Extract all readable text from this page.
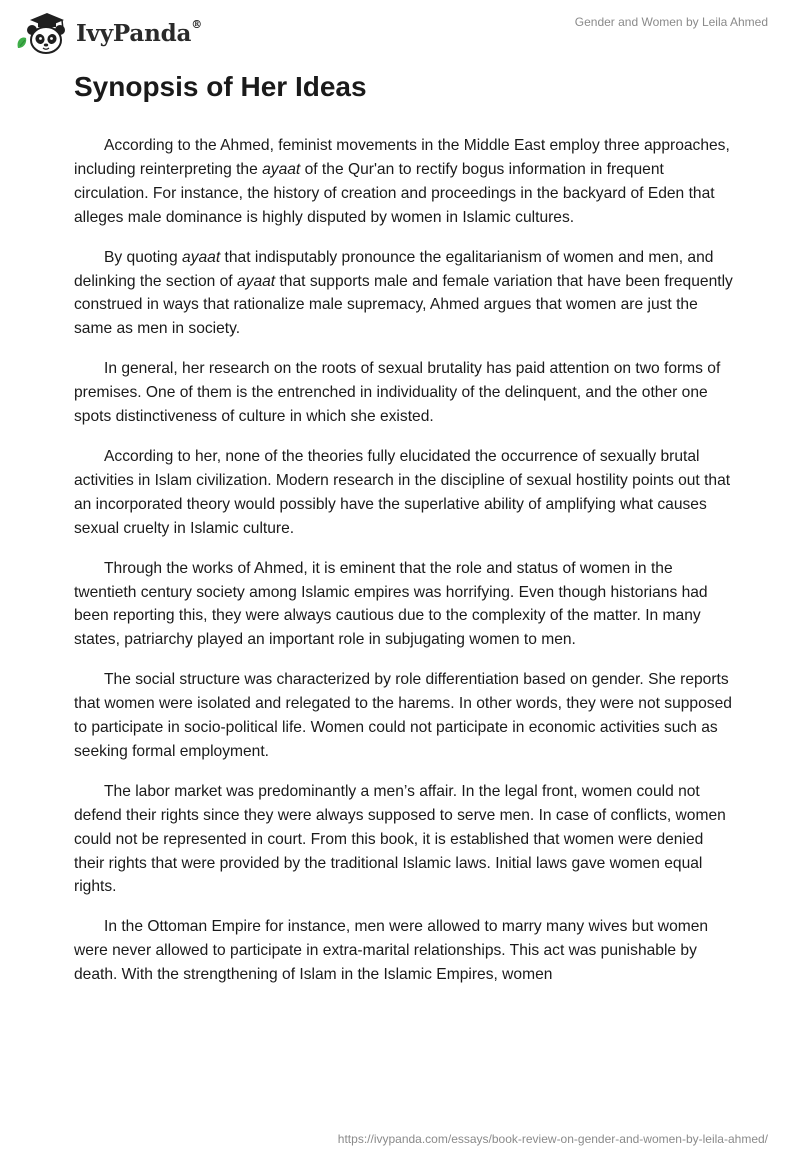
IvyPanda®	Gender and Women by Leila Ahmed
Synopsis of Her Ideas

According to the Ahmed, feminist movements in the Middle East employ three approaches, including reinterpreting the ayaat of the Qur'an to rectify bogus information in frequent circulation. For instance, the history of creation and proceedings in the backyard of Eden that alleges male dominance is highly disputed by women in Islamic cultures.

By quoting ayaat that indisputably pronounce the egalitarianism of women and men, and delinking the section of ayaat that supports male and female variation that have been frequently construed in ways that rationalize male supremacy, Ahmed argues that women are just the same as men in society.

In general, her research on the roots of sexual brutality has paid attention on two forms of premises. One of them is the entrenched in individuality of the delinquent, and the other one spots distinctiveness of culture in which she existed.

According to her, none of the theories fully elucidated the occurrence of sexually brutal activities in Islam civilization. Modern research in the discipline of sexual hostility points out that an incorporated theory would possibly have the superlative ability of amplifying what causes sexual cruelty in Islamic culture.

Through the works of Ahmed, it is eminent that the role and status of women in the twentieth century society among Islamic empires was horrifying. Even though historians had been reporting this, they were always cautious due to the complexity of the matter. In many states, patriarchy played an important role in subjugating women to men.

The social structure was characterized by role differentiation based on gender. She reports that women were isolated and relegated to the harems. In other words, they were not supposed to participate in socio-political life. Women could not participate in economic activities such as seeking formal employment.

The labor market was predominantly a men’s affair. In the legal front, women could not defend their rights since they were always supposed to serve men. In case of conflicts, women could not be represented in court. From this book, it is established that women were denied their rights that were provided by the traditional Islamic laws. Initial laws gave women equal rights.

In the Ottoman Empire for instance, men were allowed to marry many wives but women were never allowed to participate in extra-marital relationships. This act was punishable by death. With the strengthening of Islam in the Islamic Empires, women

https://ivypanda.com/essays/book-review-on-gender-and-women-by-leila-ahmed/
